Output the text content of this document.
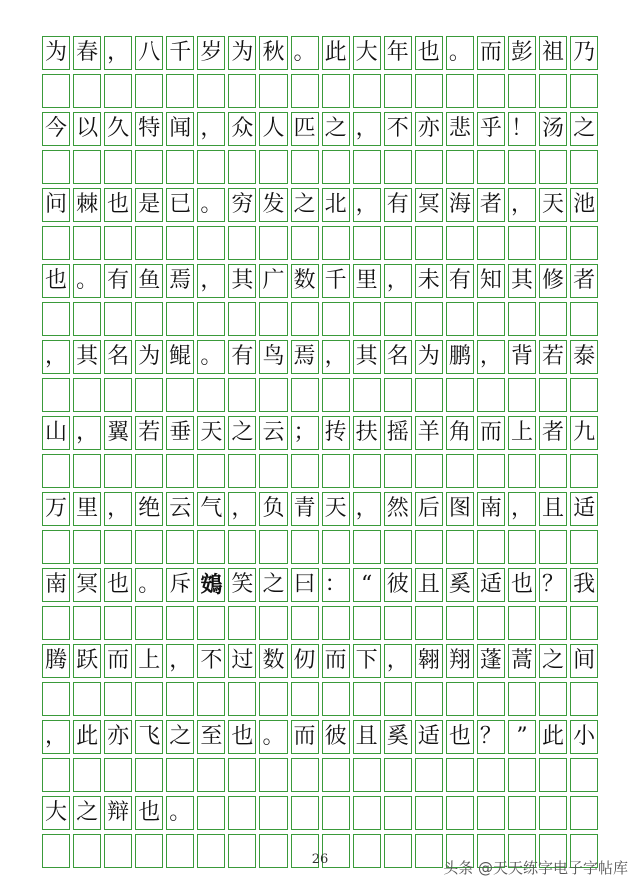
为 春 ， 八 千 岁 为 秋 。 此 大 年 也 。 而 彭 祖 乃
今 以 久 特 闻 ， 众 人 匹 之 ， 不 亦 悲 乎 ！ 汤 之
问 棘 也 是 已 。 穷 发 之 北 ， 有 冥 海 者 ， 天 池
也 。 有 鱼 焉 ， 其 广 数 千 里 ， 未 有 知 其 修 者
， 其 名 为 鲲 。 有 鸟 焉 ， 其 名 为 鹏 ， 背 若 泰
山 ， 翼 若 垂 天 之 云 ； 抟 扶 摇 羊 角 而 上 者 九
万 里 ， 绝 云 气 ， 负 青 天 ， 然 后 图 南 ， 且 适
南 冥 也 。 斥 鴳 笑 之 曰 ： “ 彼 且 奚 适 也 ？ 我
腾 跃 而 上 ， 不 过 数 仞 而 下 ， 翱 翔 蓬 蒿 之 间
， 此 亦 飞 之 至 也 。 而 彼 且 奚 适 也 ？ ” 此 小
大 之 辩 也 。
26	头条 @天天练字电子字帖库
